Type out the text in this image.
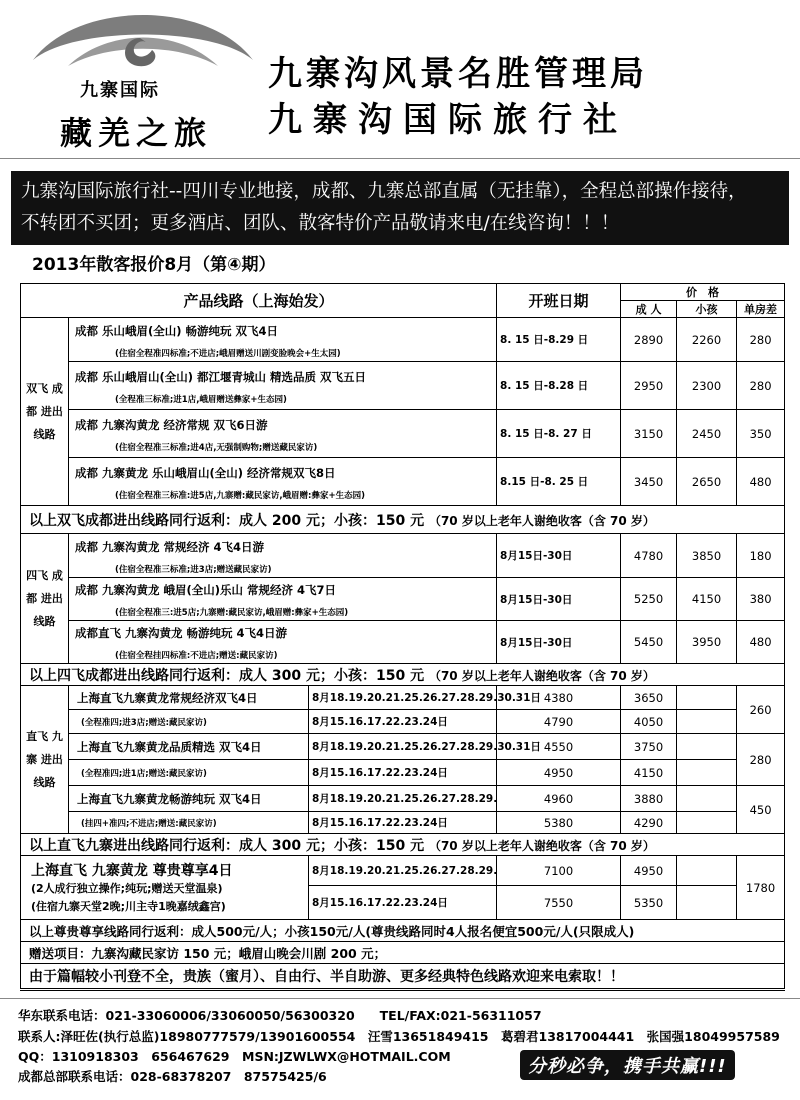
九寨国际
藏羌之旅
九寨沟风景名胜管理局
九寨沟国际旅行社
九寨沟国际旅行社--四川专业地接，成都、九寨总部直属（无挂靠），全程总部操作接待，
不转团不买团；更多酒店、团队、散客特价产品敬请来电/在线咨询！！！
2013年散客报价8月（第④期）
产品线路（上海始发）			开班日期	价　格		
				成 人	小孩	单房差
双飞 成都 进出 线路	成都 乐山峨眉(全山) 畅游纯玩 双飞4日
(住宿全程准四标准;不进店;峨眉赠送川剧变脸晚会+生太园)		8. 15 日-8.29 日	2890	2260	280

	成都 乐山峨眉山(全山) 都江堰青城山 精选品质 双飞五日
(全程准三标准;进1店,峨眉赠送彝家+生态园)		8. 15 日-8.28 日	2950	2300	280

	成都 九寨沟黄龙 经济常规 双飞6日游
(住宿全程准三标准;进4店,无强制购物;赠送藏民家访)		8. 15 日-8. 27 日	3150	2450	350

	成都 九寨黄龙 乐山峨眉山(全山) 经济常规双飞8日
(住宿全程准三标准:进5店,九寨赠:藏民家访,峨眉赠:彝家+生态园)		8.15 日-8. 25 日	3450	2650	480
以上双飞成都进出线路同行返利：成人 200 元；小孩：150 元 （70 岁以上老年人谢绝收客（含 70 岁）						
四飞 成都 进出 线路	成都 九寨沟黄龙 常规经济 4飞4日游
(住宿全程准三标准;进3店;赠送藏民家访)		8月15日-30日	4780	3850	180

	成都 九寨沟黄龙 峨眉(全山)乐山 常规经济 4飞7日
(住宿全程准三:进5店;九寨赠:藏民家访,峨眉赠:彝家+生态园)		8月15日-30日	5250	4150	380

	成都直飞 九寨沟黄龙 畅游纯玩 4飞4日游
(住宿全程挂四标准:不进店;赠送:藏民家访)		8月15日-30日	5450	3950	480
以上四飞成都进出线路同行返利：成人 300 元；小孩：150 元 （70 岁以上老年人谢绝收客（含 70 岁）						
直飞 九寨 进出 线路	上海直飞九寨黄龙常规经济双飞4日	8月18.19.20.21.25.26.27.28.29.30.31日	4380	3650		260
	(全程准四;进3店;赠送:藏民家访)	8月15.16.17.22.23.24日	4790	4050		
	上海直飞九寨黄龙品质精选 双飞4日	8月18.19.20.21.25.26.27.28.29.30.31日	4550	3750		280
	(全程准四;进1店;赠送:藏民家访)	8月15.16.17.22.23.24日	4950	4150		
	上海直飞九寨黄龙畅游纯玩 双飞4日	8月18.19.20.21.25.26.27.28.29.	4960	3880		450
	(挂四+准四;不进店;赠送:藏民家访)	8月15.16.17.22.23.24日	5380	4290		
以上直飞九寨进出线路同行返利：成人 300 元；小孩：150 元 （70 岁以上老年人谢绝收客（含 70 岁）						

上海直飞 九寨黄龙 尊贵尊享4日
(2人成行独立操作;纯玩;赠送天堂温泉)
(住宿九寨天堂2晚;川主寺1晚嘉绒鑫宫)		8月18.19.20.21.25.26.27.28.29.	7100	4950		1780
		8月15.16.17.22.23.24日	7550	5350		
以上尊贵尊享线路同行返利：成人500元/人；小孩150元/人(尊贵线路同时4人报名便宜500元/人(只限成人)						
赠送项目：九寨沟藏民家访 150 元；峨眉山晚会川剧 200 元；						
由于篇幅较小刊登不全，贵族（蜜月）、自由行、半自助游、更多经典特色线路欢迎来电索取！！						
华东联系电话：021-33060006/33060050/56300320　　TEL/FAX:021-56311057
联系人:泽旺佐(执行总监)18980777579/13901600554　汪雪13651849415　葛碧君13817004441　张国强18049957589
QQ：1310918303　656467629　MSN:JZWLWX@HOTMAIL.COM
成都总部联系电话：028-68378207　87575425/6	分秒必争，携手共赢!!!
